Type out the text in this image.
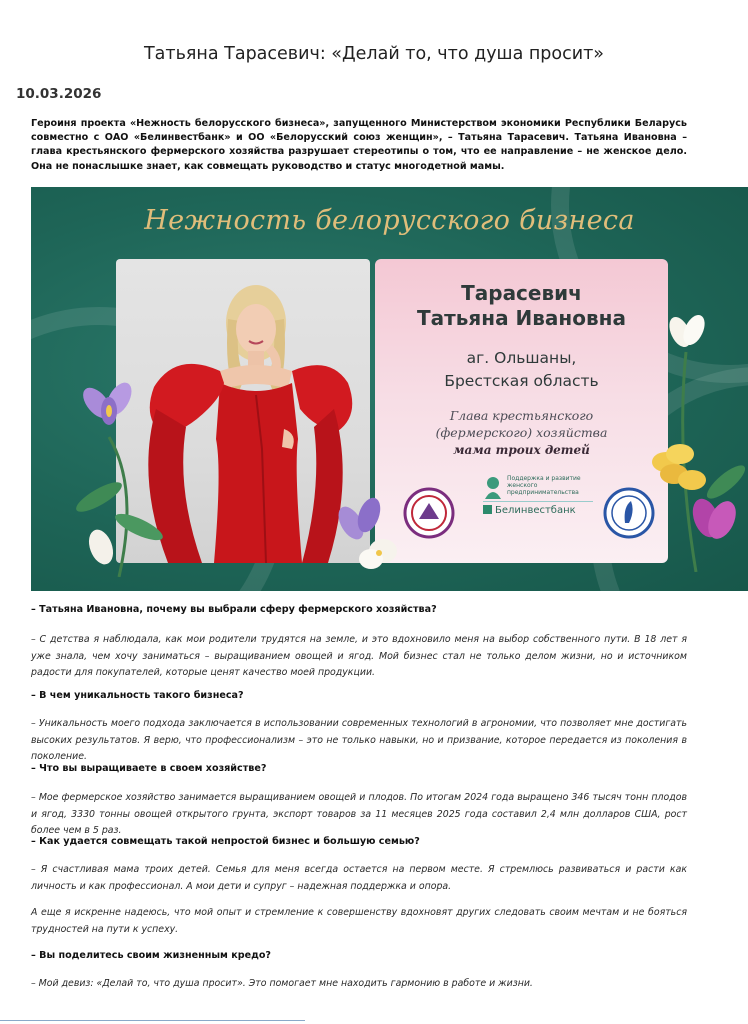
Татьяна Тарасевич: «Делай то, что душа просит»
10.03.2026
Героиня проекта «Нежность белорусского бизнеса», запущенного Министерством экономики Республики Беларусь совместно с ОАО «Белинвестбанк» и ОО «Белорусский союз женщин», – Татьяна Тарасевич. Татьяна Ивановна – глава крестьянского фермерского хозяйства разрушает стереотипы о том, что ее направление – не женское дело. Она не понаслышке знает, как совмещать руководство и статус многодетной мамы.
Нежность белорусского бизнеса
Тарасевич
Татьяна Ивановна
аг. Ольшаны,
Брестская область
Глава крестьянского
(фермерского) хозяйства
мама троих детей
Поддержка и развитие
женского
предпринимательства
Белинвестбанк
– Татьяна Ивановна, почему вы выбрали сферу фермерского хозяйства?
– С детства я наблюдала, как мои родители трудятся на земле, и это вдохновило меня на выбор собственного пути. В 18 лет я уже знала, чем хочу заниматься – выращиванием овощей и ягод. Мой бизнес стал не только делом жизни, но и источником радости для покупателей, которые ценят качество моей продукции.
– В чем уникальность такого бизнеса?
– Уникальность моего подхода заключается в использовании современных технологий в агрономии, что позволяет мне достигать высоких результатов. Я верю, что профессионализм – это не только навыки, но и призвание, которое передается из поколения в поколение.
– Что вы выращиваете в своем хозяйстве?
– Мое фермерское хозяйство занимается выращиванием овощей и плодов. По итогам 2024 года выращено 346 тысяч тонн плодов и ягод, 3330 тонны овощей открытого грунта, экспорт товаров за 11 месяцев 2025 года составил 2,4 млн долларов США, рост более чем в 5 раз.
– Как удается совмещать такой непростой бизнес и большую семью?
– Я счастливая мама троих детей. Семья для меня всегда остается на первом месте. Я стремлюсь развиваться и расти как личность и как профессионал. А мои дети и супруг – надежная поддержка и опора.
А еще я искренне надеюсь, что мой опыт и стремление к совершенству вдохновят других следовать своим мечтам и не бояться трудностей на пути к успеху.
– Вы поделитесь своим жизненным кредо?
– Мой девиз: «Делай то, что душа просит». Это помогает мне находить гармонию в работе и жизни.
